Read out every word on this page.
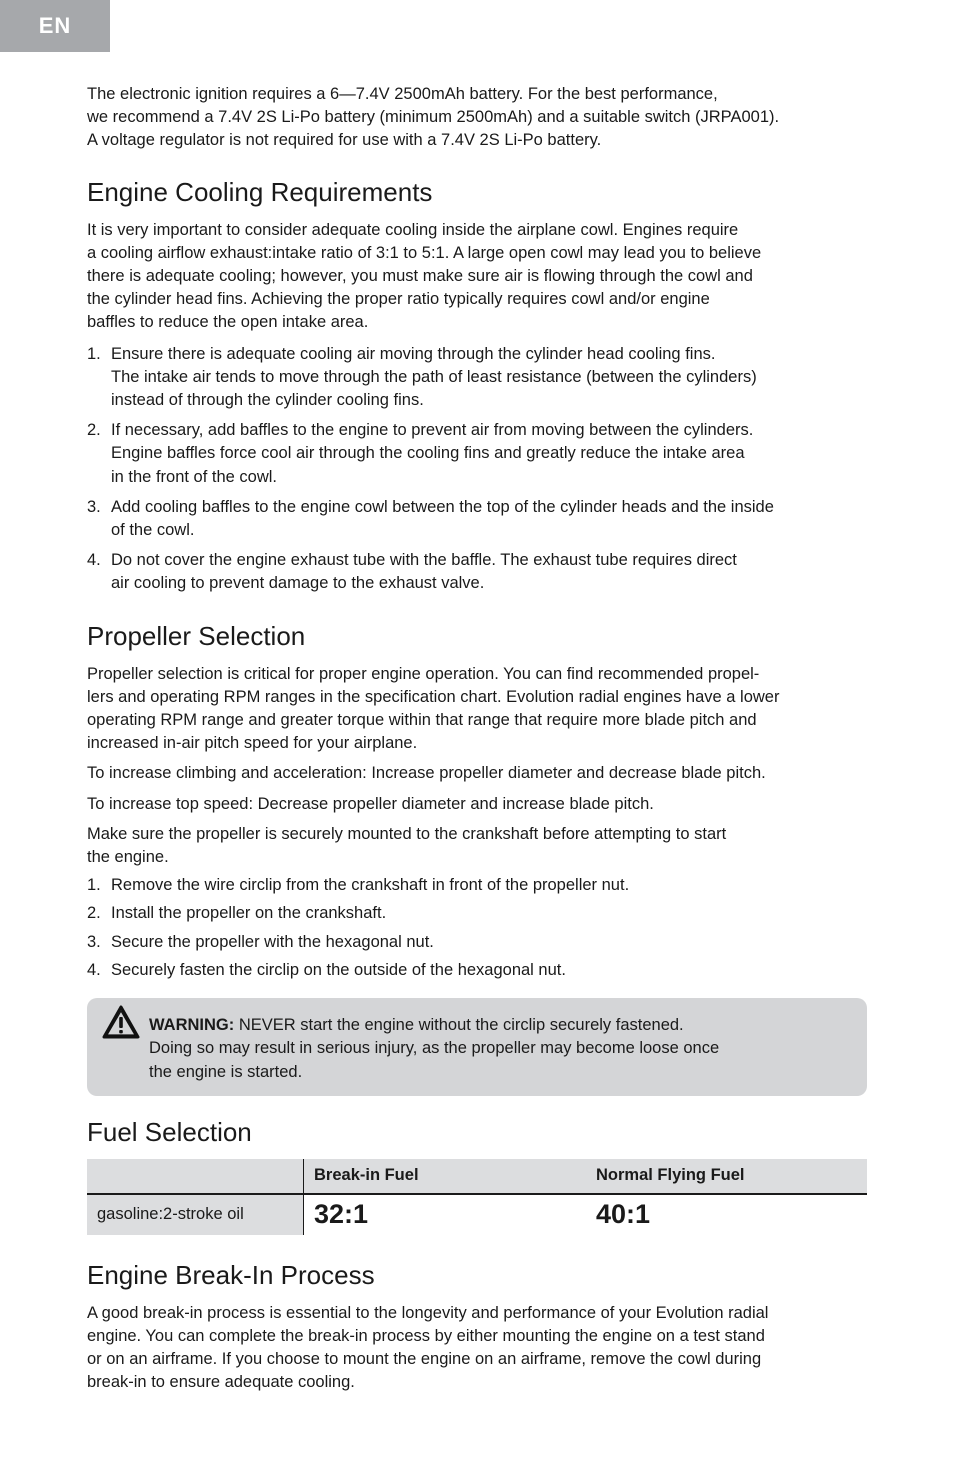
EN

The electronic ignition requires a 6—7.4V 2500mAh battery. For the best performance,

we recommend a 7.4V 2S Li-Po battery (minimum 2500mAh) and a suitable switch (JRPA001).

A voltage regulator is not required for use with a 7.4V 2S Li-Po battery.

Engine Cooling Requirements

It is very important to consider adequate cooling inside the airplane cowl. Engines require

a cooling airflow exhaust:intake ratio of 3:1 to 5:1. A large open cowl may lead you to believe

there is adequate cooling; however, you must make sure air is flowing through the cowl and

the cylinder head fins. Achieving the proper ratio typically requires cowl and/or engine

baffles to reduce the open intake area.

1. Ensure there is adequate cooling air moving through the cylinder head cooling fins.
The intake air tends to move through the path of least resistance (between the cylinders)
instead of through the cylinder cooling fins.
2. If necessary, add baffles to the engine to prevent air from moving between the cylinders.
Engine baffles force cool air through the cooling fins and greatly reduce the intake area
in the front of the cowl.
3. Add cooling baffles to the engine cowl between the top of the cylinder heads and the inside
of the cowl.
4. Do not cover the engine exhaust tube with the baffle. The exhaust tube requires direct
air cooling to prevent damage to the exhaust valve.
Propeller Selection

Propeller selection is critical for proper engine operation. You can find recommended propel-

lers and operating RPM ranges in the specification chart. Evolution radial engines have a lower

operating RPM range and greater torque within that range that require more blade pitch and

increased in-air pitch speed for your airplane.

To increase climbing and acceleration: Increase propeller diameter and decrease blade pitch.

To increase top speed: Decrease propeller diameter and increase blade pitch.

Make sure the propeller is securely mounted to the crankshaft before attempting to start

the engine.

1. Remove the wire circlip from the crankshaft in front of the propeller nut.
2. Install the propeller on the crankshaft.
3. Secure the propeller with the hexagonal nut.
4. Securely fasten the circlip on the outside of the hexagonal nut.
WARNING: NEVER start the engine without the circlip securely fastened.
Doing so may result in serious injury, as the propeller may become loose once
the engine is started.
Fuel Selection
	Break-in Fuel	Normal Flying Fuel
gasoline:2-stroke oil	32:1	40:1
Engine Break-In Process

A good break-in process is essential to the longevity and performance of your Evolution radial

engine. You can complete the break-in process by either mounting the engine on a test stand

or on an airframe. If you choose to mount the engine on an airframe, remove the cowl during

break-in to ensure adequate cooling.
